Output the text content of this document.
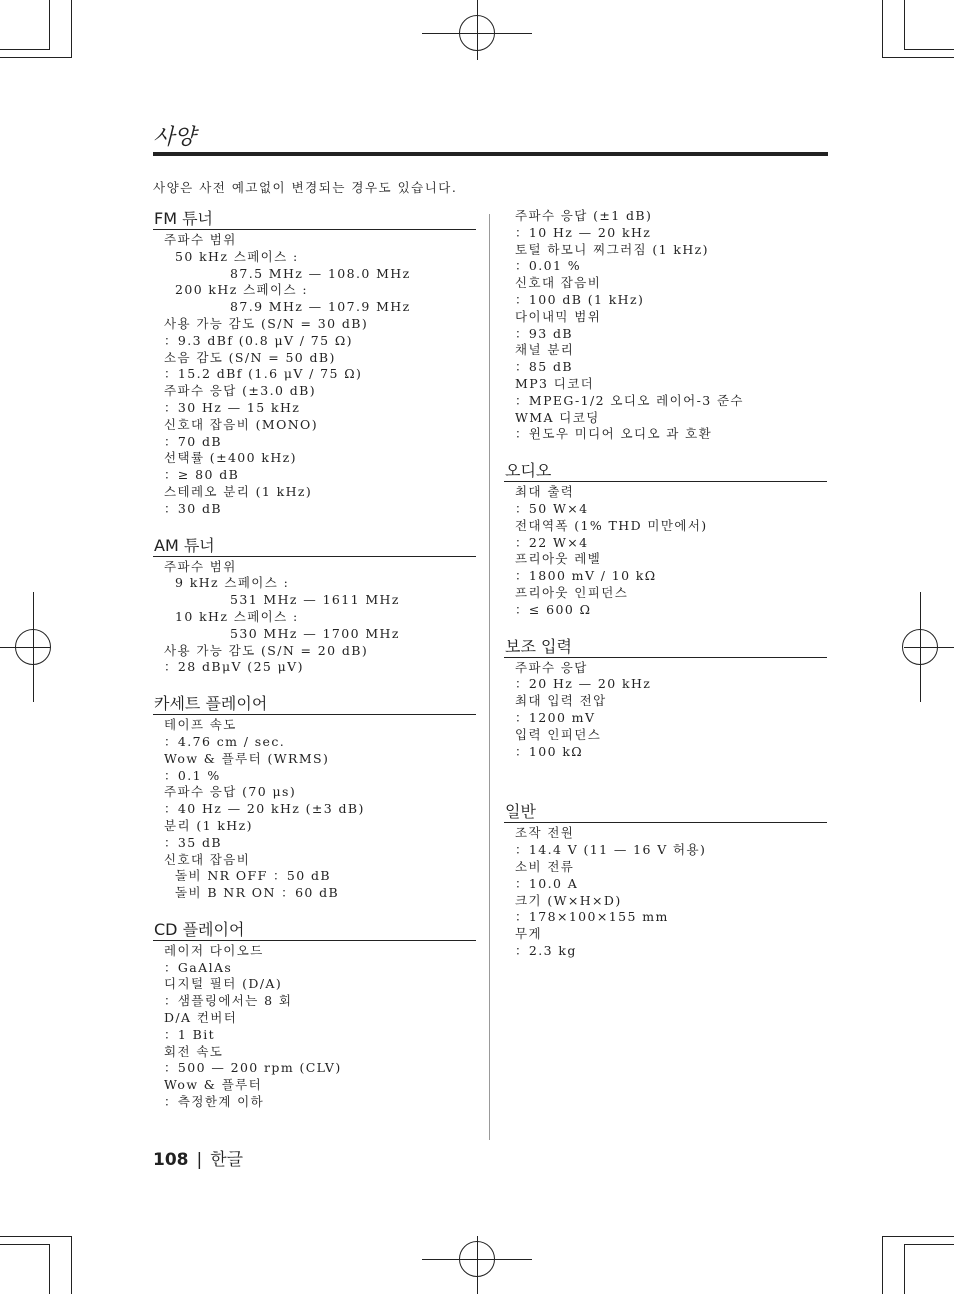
사양
사양은 사전 예고없이 변경되는 경우도 있습니다.
FM 튜너
주파수 범위
50 kHz 스페이스 :
87.5 MHz — 108.0 MHz
200 kHz 스페이스 :
87.9 MHz — 107.9 MHz
사용 가능 감도 (S/N = 30 dB)
：9.3 dBf (0.8 μV / 75 Ω)
소음 감도 (S/N = 50 dB)
：15.2 dBf (1.6 μV / 75 Ω)
주파수 응답 (±3.0 dB)
：30 Hz — 15 kHz
신호대 잡음비 (MONO)
：70 dB
선택률 (±400 kHz)
：≥ 80 dB
스테레오 분리 (1 kHz)
：30 dB
AM 튜너
주파수 범위
9 kHz 스페이스 :
531 MHz — 1611 MHz
10 kHz 스페이스 :
530 MHz — 1700 MHz
사용 가능 감도 (S/N = 20 dB)
：28 dBμV (25 μV)
카세트 플레이어
테이프 속도
：4.76 cm / sec.
Wow & 플루터 (WRMS)
：0.1 %
주파수 응답 (70 μs)
：40 Hz — 20 kHz (±3 dB)
분리 (1 kHz)
：35 dB
신호대 잡음비
돌비 NR OFF ：50 dB
돌비 B NR ON ：60 dB
CD 플레이어
레이저 다이오드
：GaAlAs
디지털 필터 (D/A)
：샘플링에서는 8 회
D/A 컨버터
：1 Bit
회전 속도
：500 — 200 rpm (CLV)
Wow & 플루터
：측정한계 이하
주파수 응답 (±1 dB)
：10 Hz — 20 kHz
토털 하모니 찌그러짐 (1 kHz)
：0.01 %
신호대 잡음비
：100 dB (1 kHz)
다이내믹 범위
：93 dB
채널 분리
：85 dB
MP3 디코더
：MPEG-1/2 오디오 레이어-3 준수
WMA 디코딩
：윈도우 미디어 오디오 과 호환
오디오
최대 출력
：50 W×4
전대역폭 (1% THD 미만에서)
：22 W×4
프리아웃 레벨
：1800 mV / 10 kΩ
프리아웃 인피던스
：≤ 600 Ω
보조 입력
주파수 응답
：20 Hz — 20 kHz
최대 입력 전압
：1200 mV
입력 인피던스
：100 kΩ
일반
조작 전원
：14.4 V (11 — 16 V 허용)
소비 전류
：10.0 A
크기 (W×H×D)
：178×100×155 mm
무게
：2.3 kg
108 | 한글
